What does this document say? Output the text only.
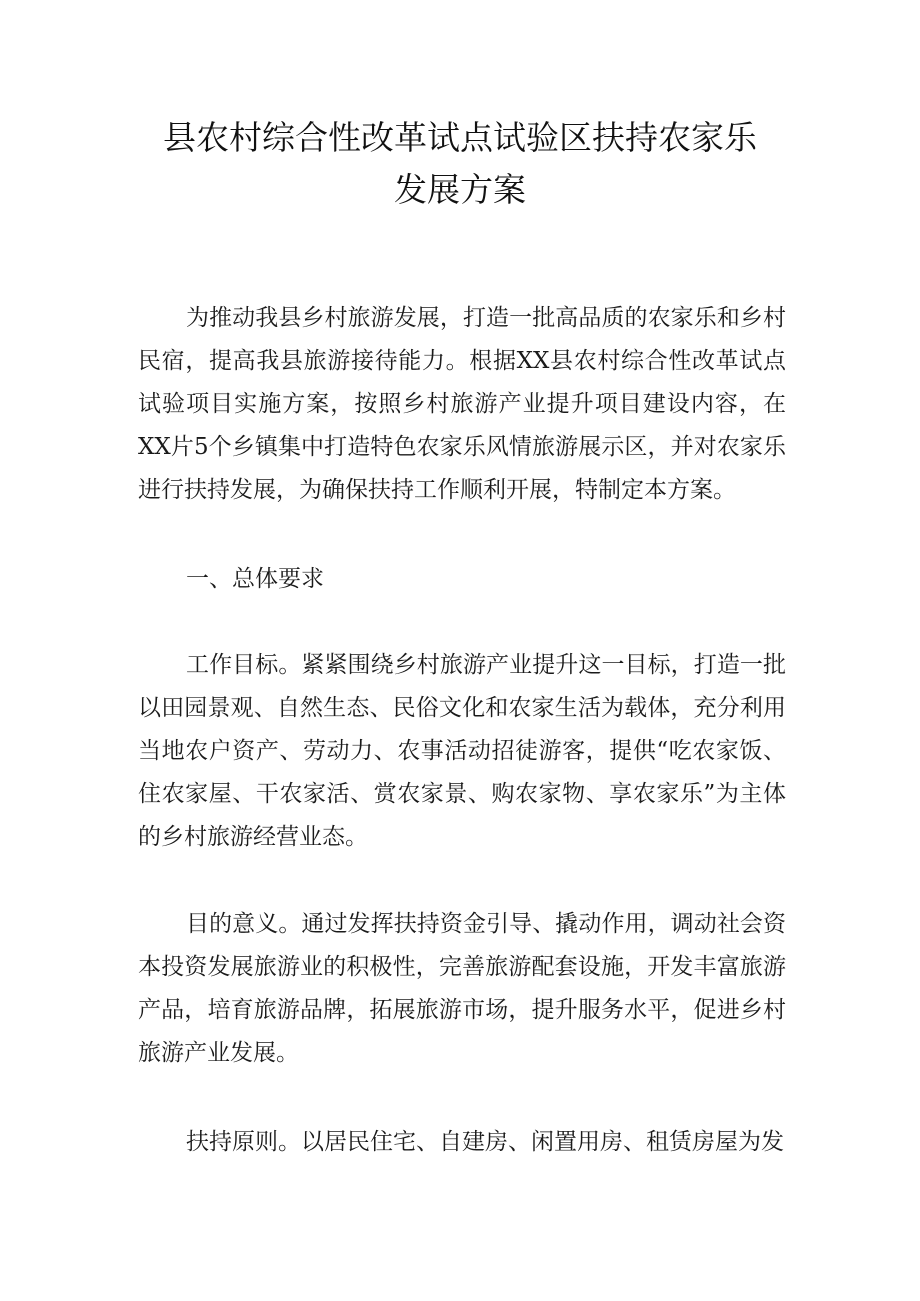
县农村综合性改革试点试验区扶持农家乐
发展方案

为推动我县乡村旅游发展，打造一批高品质的农家乐和乡村民宿，提高我县旅游接待能力。根据XX县农村综合性改革试点试验项目实施方案，按照乡村旅游产业提升项目建设内容，在XX片5个乡镇集中打造特色农家乐风情旅游展示区，并对农家乐进行扶持发展，为确保扶持工作顺利开展，特制定本方案。

一、总体要求

工作目标。紧紧围绕乡村旅游产业提升这一目标，打造一批以田园景观、自然生态、民俗文化和农家生活为载体，充分利用当地农户资产、劳动力、农事活动招徒游客，提供“吃农家饭、住农家屋、干农家活、赏农家景、购农家物、享农家乐”为主体的乡村旅游经营业态。

目的意义。通过发挥扶持资金引导、撬动作用，调动社会资本投资发展旅游业的积极性，完善旅游配套设施，开发丰富旅游产品，培育旅游品牌，拓展旅游市场，提升服务水平，促进乡村旅游产业发展。

扶持原则。以居民住宅、自建房、闲置用房、租赁房屋为发
